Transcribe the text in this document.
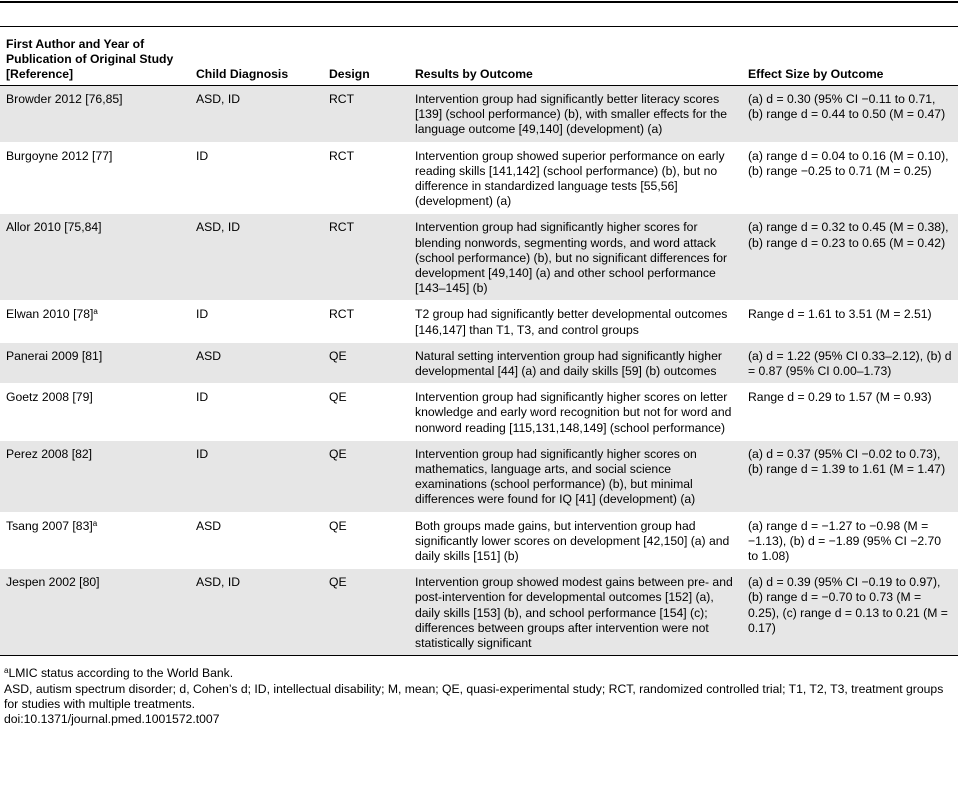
First Author and Year of Publication of Original Study [Reference]	Child Diagnosis	Design	Results by Outcome	Effect Size by Outcome
Browder 2012 [76,85]	ASD, ID	RCT	Intervention group had significantly better literacy scores [139] (school performance) (b), with smaller effects for the language outcome [49,140] (development) (a)	(a) d = 0.30 (95% CI −0.11 to 0.71, (b) range d = 0.44 to 0.50 (M = 0.47)
Burgoyne 2012 [77]	ID	RCT	Intervention group showed superior performance on early reading skills [141,142] (school performance) (b), but no difference in standardized language tests [55,56] (development) (a)	(a) range d = 0.04 to 0.16 (M = 0.10), (b) range −0.25 to 0.71 (M = 0.25)
Allor 2010 [75,84]	ASD, ID	RCT	Intervention group had significantly higher scores for blending nonwords, segmenting words, and word attack (school performance) (b), but no significant differences for development [49,140] (a) and other school performance [143–145] (b)	(a) range d = 0.32 to 0.45 (M = 0.38), (b) range d = 0.23 to 0.65 (M = 0.42)
Elwan 2010 $[78]^a$	ID	RCT	T2 group had significantly better developmental outcomes [146,147] than T1, T3, and control groups	Range d = 1.61 to 3.51 (M = 2.51)
Panerai 2009 [81]	ASD	QE	Natural setting intervention group had significantly higher developmental [44] (a) and daily skills [59] (b) outcomes	(a) d = 1.22 (95% CI 0.33–2.12), (b) d = 0.87 (95% CI 0.00–1.73)
Goetz 2008 [79]	ID	QE	Intervention group had significantly higher scores on letter knowledge and early word recognition but not for word and nonword reading [115,131,148,149] (school performance)	Range d = 0.29 to 1.57 (M = 0.93)
Perez 2008 [82]	ID	QE	Intervention group had significantly higher scores on mathematics, language arts, and social science examinations (school performance) (b), but minimal differences were found for IQ [41] (development) (a)	(a) d = 0.37 (95% CI −0.02 to 0.73), (b) range d = 1.39 to 1.61 (M = 1.47)
Tsang 2007 $[83]^a$	ASD	QE	Both groups made gains, but intervention group had significantly lower scores on development [42,150] (a) and daily skills [151] (b)	(a) range d = −1.27 to −0.98 (M = −1.13), (b) d = −1.89 (95% CI −2.70 to 1.08)
Jespen 2002 [80]	ASD, ID	QE	Intervention group showed modest gains between pre- and post-intervention for developmental outcomes [152] (a), daily skills [153] (b), and school performance [154] (c); differences between groups after intervention were not statistically significant	(a) d = 0.39 (95% CI −0.19 to 0.97), (b) range d = −0.70 to 0.73 (M = 0.25), (c) range d = 0.13 to 0.21 (M = 0.17)
$^a$LMIC status according to the World Bank.
ASD, autism spectrum disorder; d, Cohen’s d; ID, intellectual disability; M, mean; QE, quasi-experimental study; RCT, randomized controlled trial; T1, T2, T3, treatment groups for studies with multiple treatments.
doi:10.1371/journal.pmed.1001572.t007
